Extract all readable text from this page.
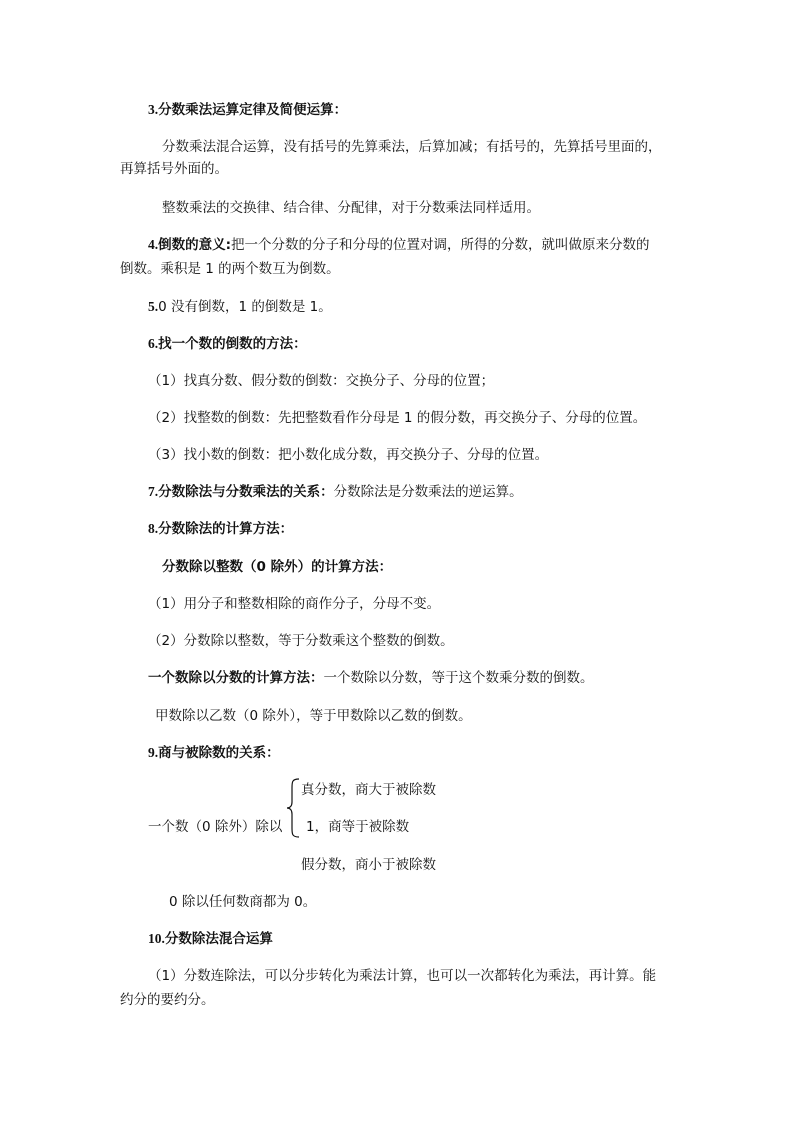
3.分数乘法运算定律及简便运算：
分数乘法混合运算，没有括号的先算乘法，后算加减；有括号的，先算括号里面的，
再算括号外面的。
整数乘法的交换律、结合律、分配律，对于分数乘法同样适用。
4.倒数的意义:把一个分数的分子和分母的位置对调，所得的分数，就叫做原来分数的
倒数。乘积是 1 的两个数互为倒数。
5.0 没有倒数，1 的倒数是 1。
6.找一个数的倒数的方法：
（1）找真分数、假分数的倒数：交换分子、分母的位置；
（2）找整数的倒数：先把整数看作分母是 1 的假分数，再交换分子、分母的位置。
（3）找小数的倒数：把小数化成分数，再交换分子、分母的位置。
7.分数除法与分数乘法的关系：分数除法是分数乘法的逆运算。
8.分数除法的计算方法：
分数除以整数（0 除外）的计算方法：
（1）用分子和整数相除的商作分子，分母不变。
（2）分数除以整数，等于分数乘这个整数的倒数。
一个数除以分数的计算方法：一个数除以分数，等于这个数乘分数的倒数。
甲数除以乙数（0 除外），等于甲数除以乙数的倒数。
9.商与被除数的关系：
真分数，商大于被除数
一个数（0 除外）除以 1，商等于被除数
假分数，商小于被除数
0 除以任何数商都为 0。
10.分数除法混合运算
（1）分数连除法，可以分步转化为乘法计算，也可以一次都转化为乘法，再计算。能
约分的要约分。
